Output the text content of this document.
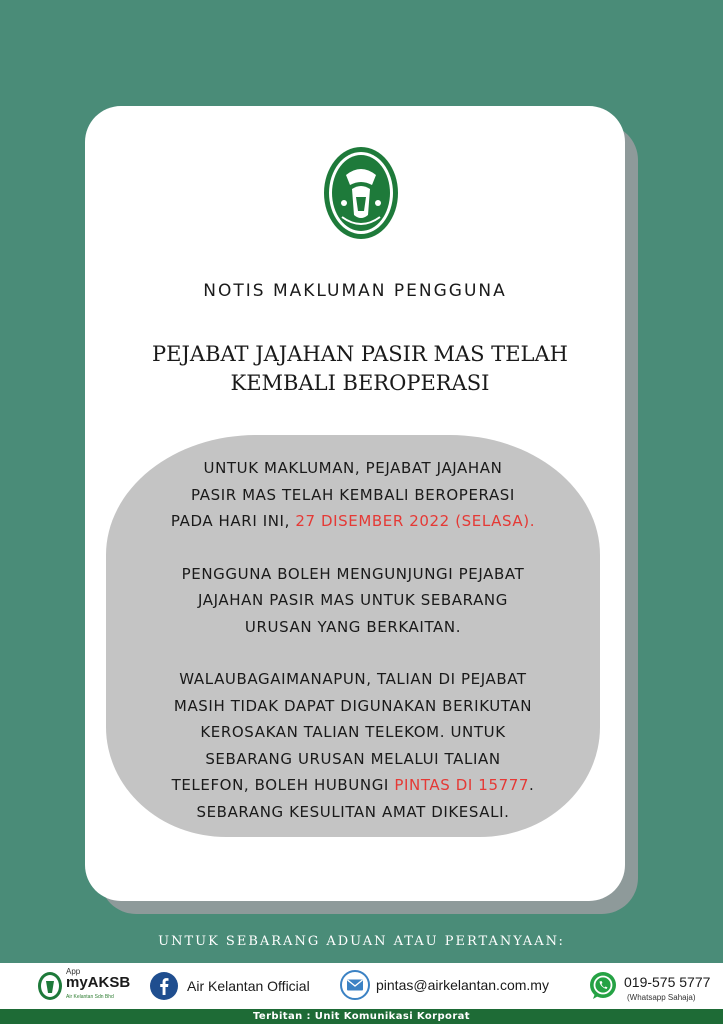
NOTIS MAKLUMAN PENGGUNA
PEJABAT JAJAHAN PASIR MAS TELAH
KEMBALI BEROPERASI

UNTUK MAKLUMAN, PEJABAT JAJAHAN
PASIR MAS TELAH KEMBALI BEROPERASI
PADA HARI INI, 27 DISEMBER 2022 (SELASA).

PENGGUNA BOLEH MENGUNJUNGI PEJABAT
JAJAHAN PASIR MAS UNTUK SEBARANG
URUSAN YANG BERKAITAN.

WALAUBAGAIMANAPUN, TALIAN DI PEJABAT
MASIH TIDAK DAPAT DIGUNAKAN BERIKUTAN
KEROSAKAN TALIAN TELEKOM. UNTUK
SEBARANG URUSAN MELALUI TALIAN
TELEFON, BOLEH HUBUNGI PINTAS DI 15777.
SEBARANG KESULITAN AMAT DIKESALI.

UNTUK SEBARANG ADUAN ATAU PERTANYAAN:
App
myAKSB
Air Kelantan Sdn Bhd
Air Kelantan Official	pintas@airkelantan.com.my	019-575 5777
(Whatsapp Sahaja)
Terbitan : Unit Komunikasi Korporat
